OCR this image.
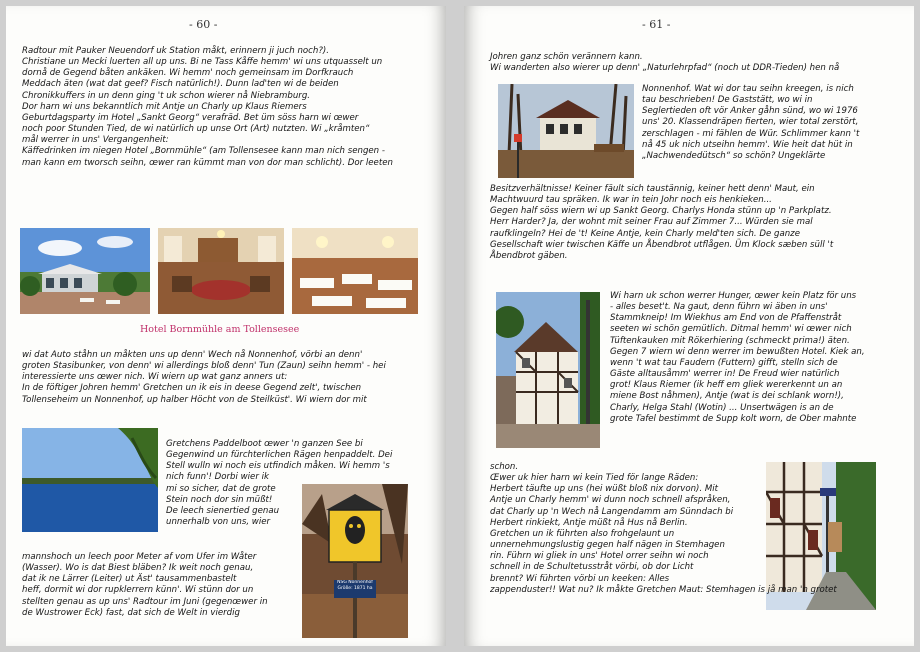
- 60 -

Radtour mit Pauker Neuendorf uk Station måkt, erinnern ji juch noch?).
Christiane un Mecki luerten all up uns. Bi ne Tass Kåffe hemm' wi uns utquasselt un
dornå de Gegend båten ankäken. Wi hemm' noch gemeinsam im Dorfkrauch
Meddach äten (wat dat geef? Fisch natürlich!). Dunn lad'ten wi de beiden
Chronikkuffers in un denn ging 't uk schon wierer nå Niebramburg.
Dor harn wi uns bekanntlich mit Antje un Charly up Klaus Riemers
Geburtdagsparty im Hotel „Sankt Georg“ verafräd. Bet üm söss harn wi œwer
noch poor Stunden Tied, de wi natürlich up unse Ort (Art) nutzten. Wi „kråmten“
mål werrer in uns' Vergangenheit:
Käffedrinken im niegen Hotel „Bornmühle“ (am Tollensesee kann man nich sengen -
man kann em tworsch seihn, œwer ran kümmt man von dor man schlicht). Dor leeten

Hotel Bornmühle am Tollensesee

wi dat Auto ståhn un måkten uns up denn' Wech nå Nonnenhof, vörbi an denn'
groten Stasibunker, von denn' wi allerdings bloß denn' Tun (Zaun) seihn hemm' - hei
interessierte uns œwer nich. Wi wiern up wat ganz anners ut:
In de föftiger Johren hemm' Gretchen un ik eis in deese Gegend zelt', twischen
Tollenseheim un Nonnenhof, up halber Höcht von de Steilküst'. Wi wiern dor mit

Gretchens Paddelboot œwer 'n ganzen See bi
Gegenwind un fürchterlichen Rägen henpaddelt. Dei
Stell wulln wi noch eis utfindich måken. Wi hemm 's
nich funn'! Dorbi wier ik
mi so sicher, dat de grote
Stein noch dor sin müßt!
De leech sienertied genau
unnerhalb von uns, wier

NSG Nonnenhof Größe: 1871 ha

mannshoch un leech poor Meter af vom Ufer im Wåter
(Wasser). Wo is dat Biest bläben? Ik weit noch genau,
dat ik ne Lärrer (Leiter) ut Äst' tausammenbastelt
heff, dormit wi dor rupklerrern künn'. Wi stünn dor un
stellten genau as up uns' Radtour im Juni (gegenœwer in
de Wustrower Eck) fast, dat sich de Welt in vierdig

- 61 -

Johren ganz schön verännern kann.
Wi wanderten also wierer up denn' „Naturlehrpfad“ (noch ut DDR-Tieden) hen nå

Nonnenhof. Wat wi dor tau seihn kreegen, is nich
tau beschrieben! De Gaststätt, wo wi in
Seglertieden oft vör Anker gåhn sünd, wo wi 1976
uns' 20. Klassendräpen fierten, wier total zerstört,
zerschlagen - mi fählen de Wür. Schlimmer kann 't
nå 45 uk nich utseihn hemm'. Wie heit dat hüt in
„Nachwendedütsch“ so schön? Ungeklärte

Besitzverhältnisse! Keiner fäult sich taustännig, keiner hett denn' Maut, ein
Machtwuurd tau spräken. Ik war in tein Johr noch eis henkieken...
Gegen half söss wiern wi up Sankt Georg. Charlys Honda stünn up 'n Parkplatz.
Herr Harder? Ja, der wohnt mit seiner Frau auf Zimmer 7... Würden sie mal
raufklingeln? Hei de 't! Keine Antje, kein Charly meld'ten sich. De ganze
Gesellschaft wier twischen Käffe un Åbendbrot utflågen. Üm Klock sæben süll 't
Åbendbrot gäben.

Wi harn uk schon werrer Hunger, œwer kein Platz för uns
- alles beset't. Na gaut, denn führn wi äben in uns'
Stammkneip! Im Wiekhus am End von de Pfaffenstråt
seeten wi schön gemütlich. Ditmal hemm' wi œwer nich
Tüftenkauken mit Rökerhiering (schmeckt prima!) äten.
Gegen 7 wiern wi denn werrer im bewußten Hotel. Kiek an,
wenn 't wat tau Faudern (Futtern) gifft, stelln sich de
Gäste alltausåmm' werrer in! De Freud wier natürlich
grot! Klaus Riemer (ik heff em gliek wererkennt un an
miene Bost nåhmen), Antje (wat is dei schlank worn!),
Charly, Helga Stahl (Wotin) ... Unsertwägen is an de
grote Tafel bestimmt de Supp kolt worn, de Ober mahnte

schon.
Œwer uk hier harn wi kein Tied för lange Räden:
Herbert täufte up uns (hei wüßt bloß nix dorvon). Mit
Antje un Charly hemm' wi dunn noch schnell afspråken,
dat Charly up 'n Wech nå Langendamm am Sünndach bi
Herbert rinkiekt, Antje müßt nå Hus nå Berlin.
Gretchen un ik führten also frohgelaunt un
unnernehmungslustig gegen half nägen in Stemhagen
rin. Führn wi gliek in uns' Hotel orrer seihn wi noch
schnell in de Schultetusstråt vörbi, ob dor Licht
brennt? Wi führten vörbi un keeken: Alles
zappenduster!! Wat nu? Ik måkte Gretchen Maut: Stemhagen is jå man 'n grotet
